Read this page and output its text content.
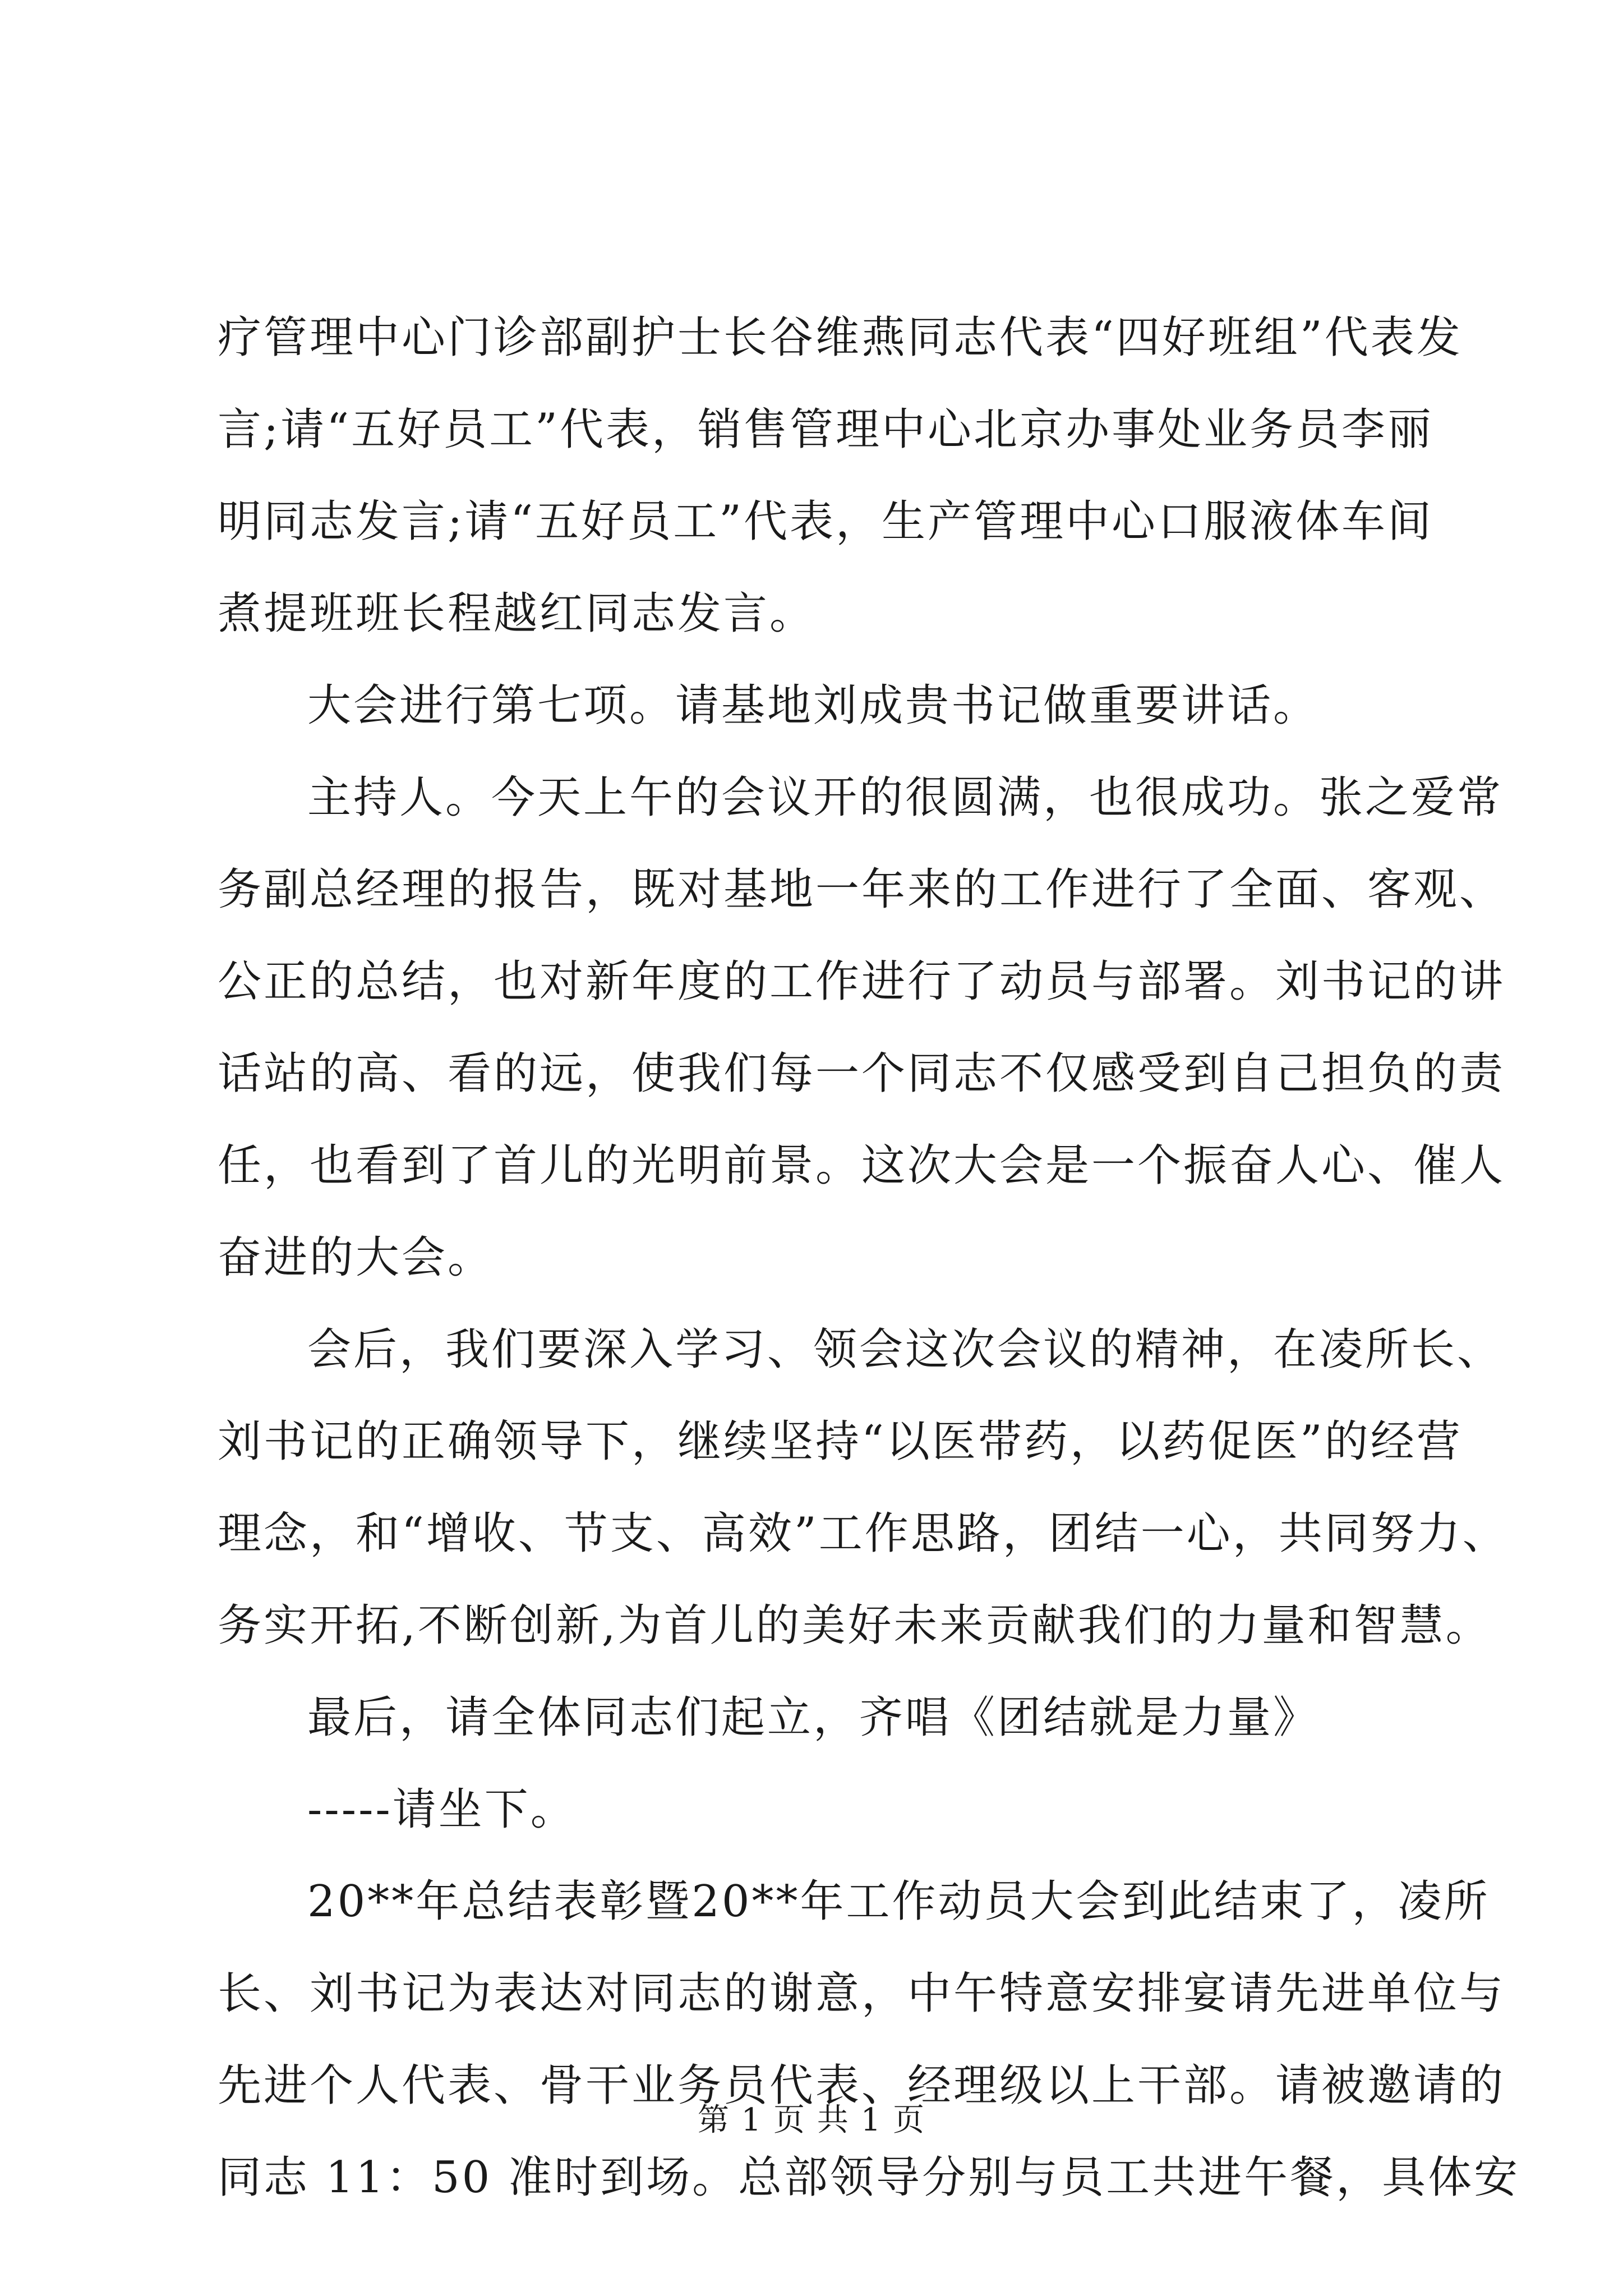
疗管理中心门诊部副护士长谷维燕同志代表“四好班组”代表发
言;请“五好员工”代表，销售管理中心北京办事处业务员李丽
明同志发言;请“五好员工”代表，生产管理中心口服液体车间
煮提班班长程越红同志发言。
大会进行第七项。请基地刘成贵书记做重要讲话。
主持人。今天上午的会议开的很圆满，也很成功。张之爱常
务副总经理的报告，既对基地一年来的工作进行了全面、客观、
公正的总结，也对新年度的工作进行了动员与部署。刘书记的讲
话站的高、看的远，使我们每一个同志不仅感受到自己担负的责
任，也看到了首儿的光明前景。这次大会是一个振奋人心、催人
奋进的大会。
会后，我们要深入学习、领会这次会议的精神，在凌所长、
刘书记的正确领导下，继续坚持“以医带药，以药促医”的经营
理念，和“增收、节支、高效”工作思路，团结一心，共同努力、
务实开拓,不断创新,为首儿的美好未来贡献我们的力量和智慧。
最后，请全体同志们起立，齐唱《团结就是力量》
-----请坐下。
20**年总结表彰暨20**年工作动员大会到此结束了，凌所
长、刘书记为表达对同志的谢意，中午特意安排宴请先进单位与
先进个人代表、骨干业务员代表、经理级以上干部。请被邀请的
同志 11：50 准时到场。总部领导分别与员工共进午餐，具体安
第 1 页 共 1 页
